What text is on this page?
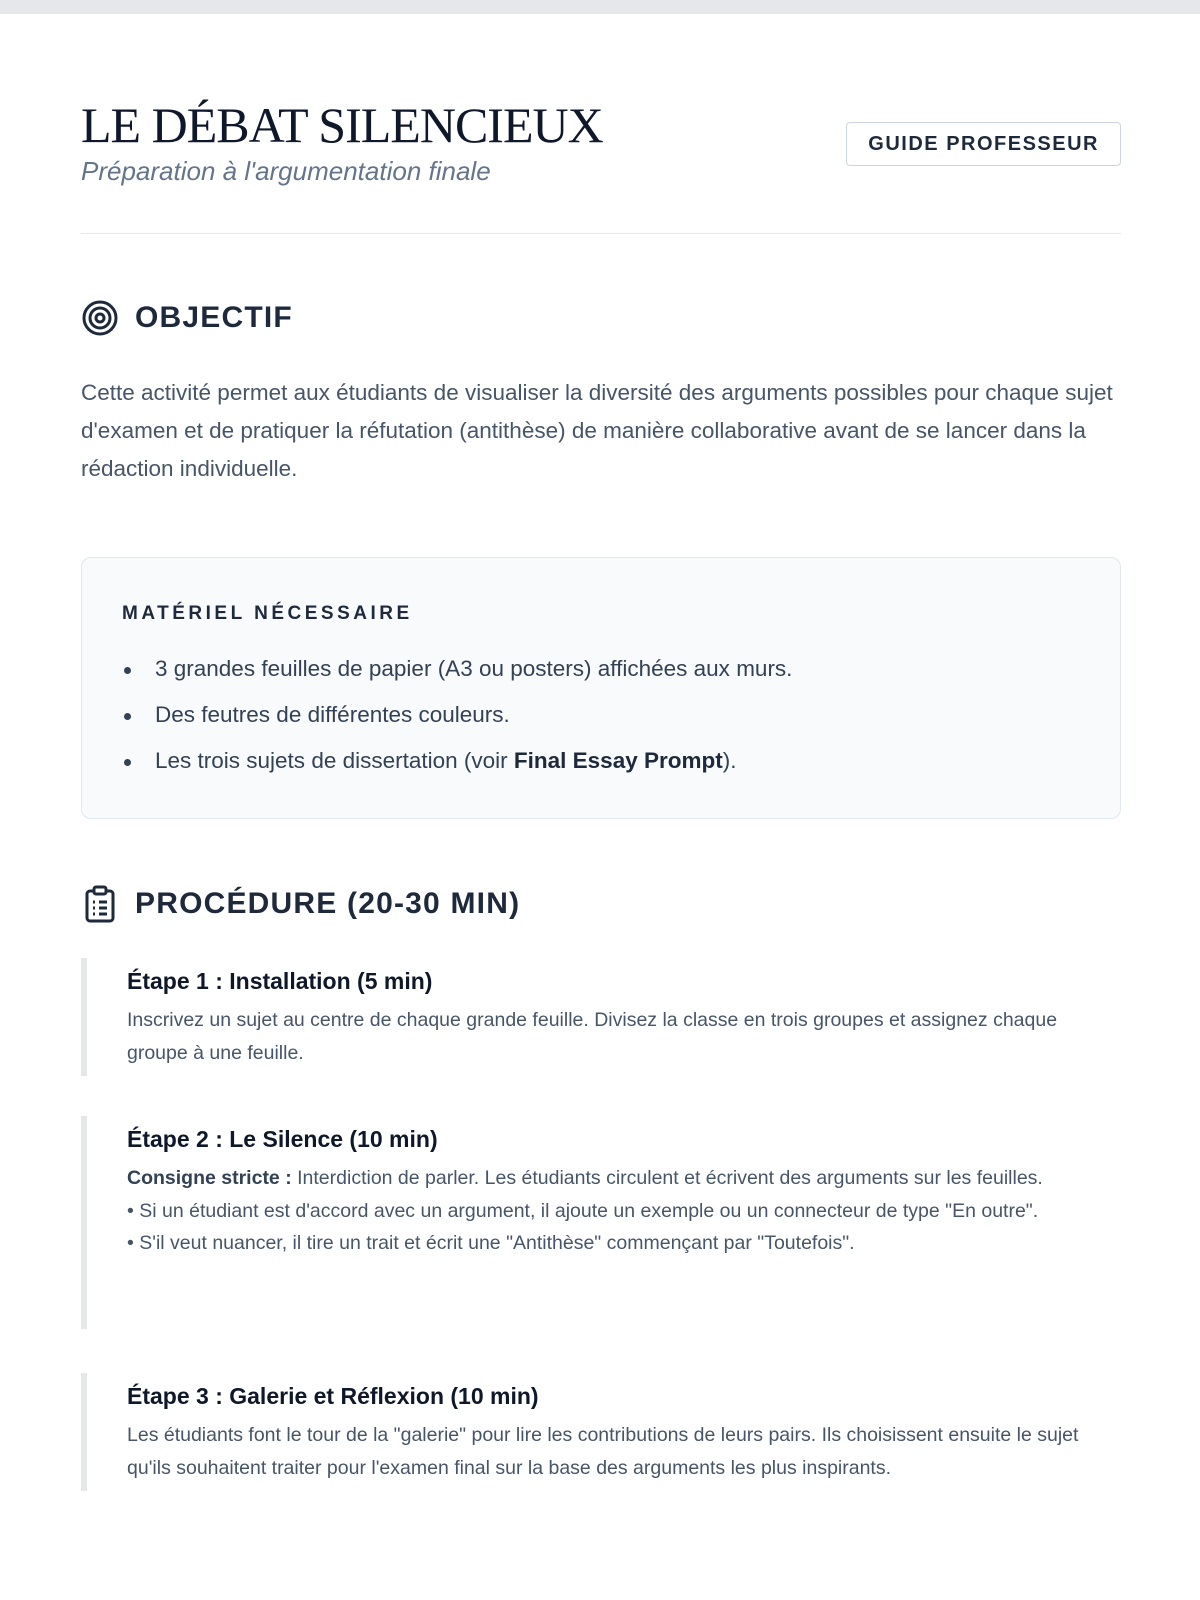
LE DÉBAT SILENCIEUX
Préparation à l'argumentation finale
GUIDE PROFESSEUR
OBJECTIF

Cette activité permet aux étudiants de visualiser la diversité des arguments possibles pour chaque sujet d'examen et de pratiquer la réfutation (antithèse) de manière collaborative avant de se lancer dans la rédaction individuelle.

MATÉRIEL NÉCESSAIRE
3 grandes feuilles de papier (A3 ou posters) affichées aux murs.
Des feutres de différentes couleurs.
Les trois sujets de dissertation (voir Final Essay Prompt).
PROCÉDURE (20-30 MIN)
Étape 1 : Installation (5 min)

Inscrivez un sujet au centre de chaque grande feuille. Divisez la classe en trois groupes et assignez chaque groupe à une feuille.

Étape 2 : Le Silence (10 min)

Consigne stricte : Interdiction de parler. Les étudiants circulent et écrivent des arguments sur les feuilles.

• Si un étudiant est d'accord avec un argument, il ajoute un exemple ou un connecteur de type "En outre".

• S'il veut nuancer, il tire un trait et écrit une "Antithèse" commençant par "Toutefois".

Étape 3 : Galerie et Réflexion (10 min)

Les étudiants font le tour de la "galerie" pour lire les contributions de leurs pairs. Ils choisissent ensuite le sujet qu'ils souhaitent traiter pour l'examen final sur la base des arguments les plus inspirants.
